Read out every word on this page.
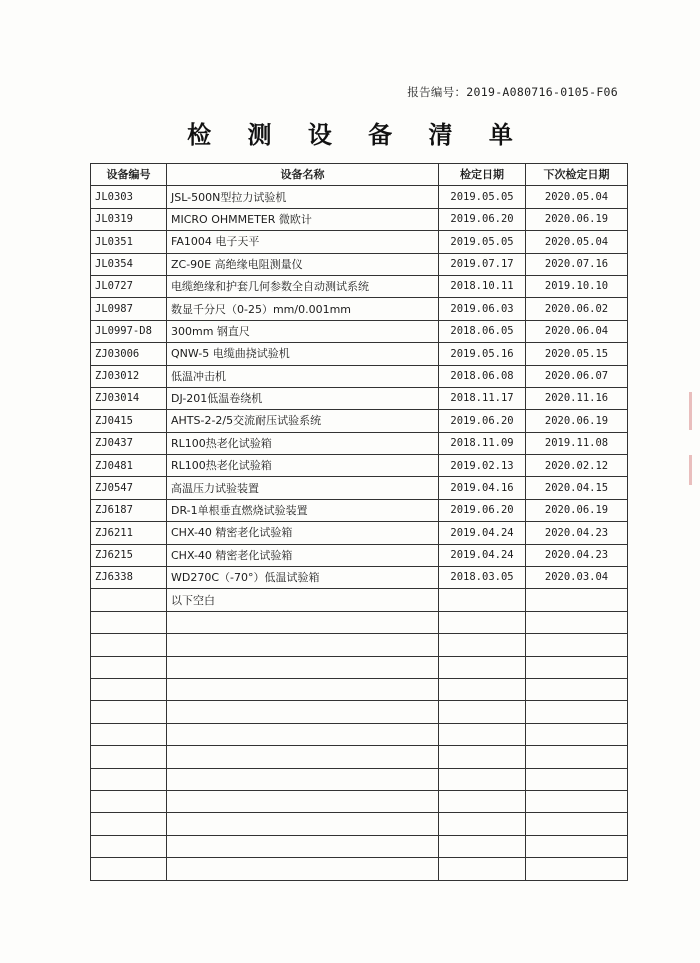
报告编号：2019-A080716-0105-F06
检 测 设 备 清 单
设备编号	设备名称	检定日期	下次检定日期
JL0303	JSL-500N型拉力试验机	2019.05.05	2020.05.04
JL0319	MICRO OHMMETER 微欧计	2019.06.20	2020.06.19
JL0351	FA1004 电子天平	2019.05.05	2020.05.04
JL0354	ZC-90E 高绝缘电阻测量仪	2019.07.17	2020.07.16
JL0727	电缆绝缘和护套几何参数全自动测试系统	2018.10.11	2019.10.10
JL0987	数显千分尺（0-25）mm/0.001mm	2019.06.03	2020.06.02
JL0997-D8	300mm 钢直尺	2018.06.05	2020.06.04
ZJ03006	QNW-5 电缆曲挠试验机	2019.05.16	2020.05.15
ZJ03012	低温冲击机	2018.06.08	2020.06.07
ZJ03014	DJ-201低温卷绕机	2018.11.17	2020.11.16
ZJ0415	AHTS-2-2/5交流耐压试验系统	2019.06.20	2020.06.19
ZJ0437	RL100热老化试验箱	2018.11.09	2019.11.08
ZJ0481	RL100热老化试验箱	2019.02.13	2020.02.12
ZJ0547	高温压力试验装置	2019.04.16	2020.04.15
ZJ6187	DR-1单根垂直燃烧试验装置	2019.06.20	2020.06.19
ZJ6211	CHX-40 精密老化试验箱	2019.04.24	2020.04.23
ZJ6215	CHX-40 精密老化试验箱	2019.04.24	2020.04.23
ZJ6338	WD270C（-70°）低温试验箱	2018.03.05	2020.03.04
	以下空白		
